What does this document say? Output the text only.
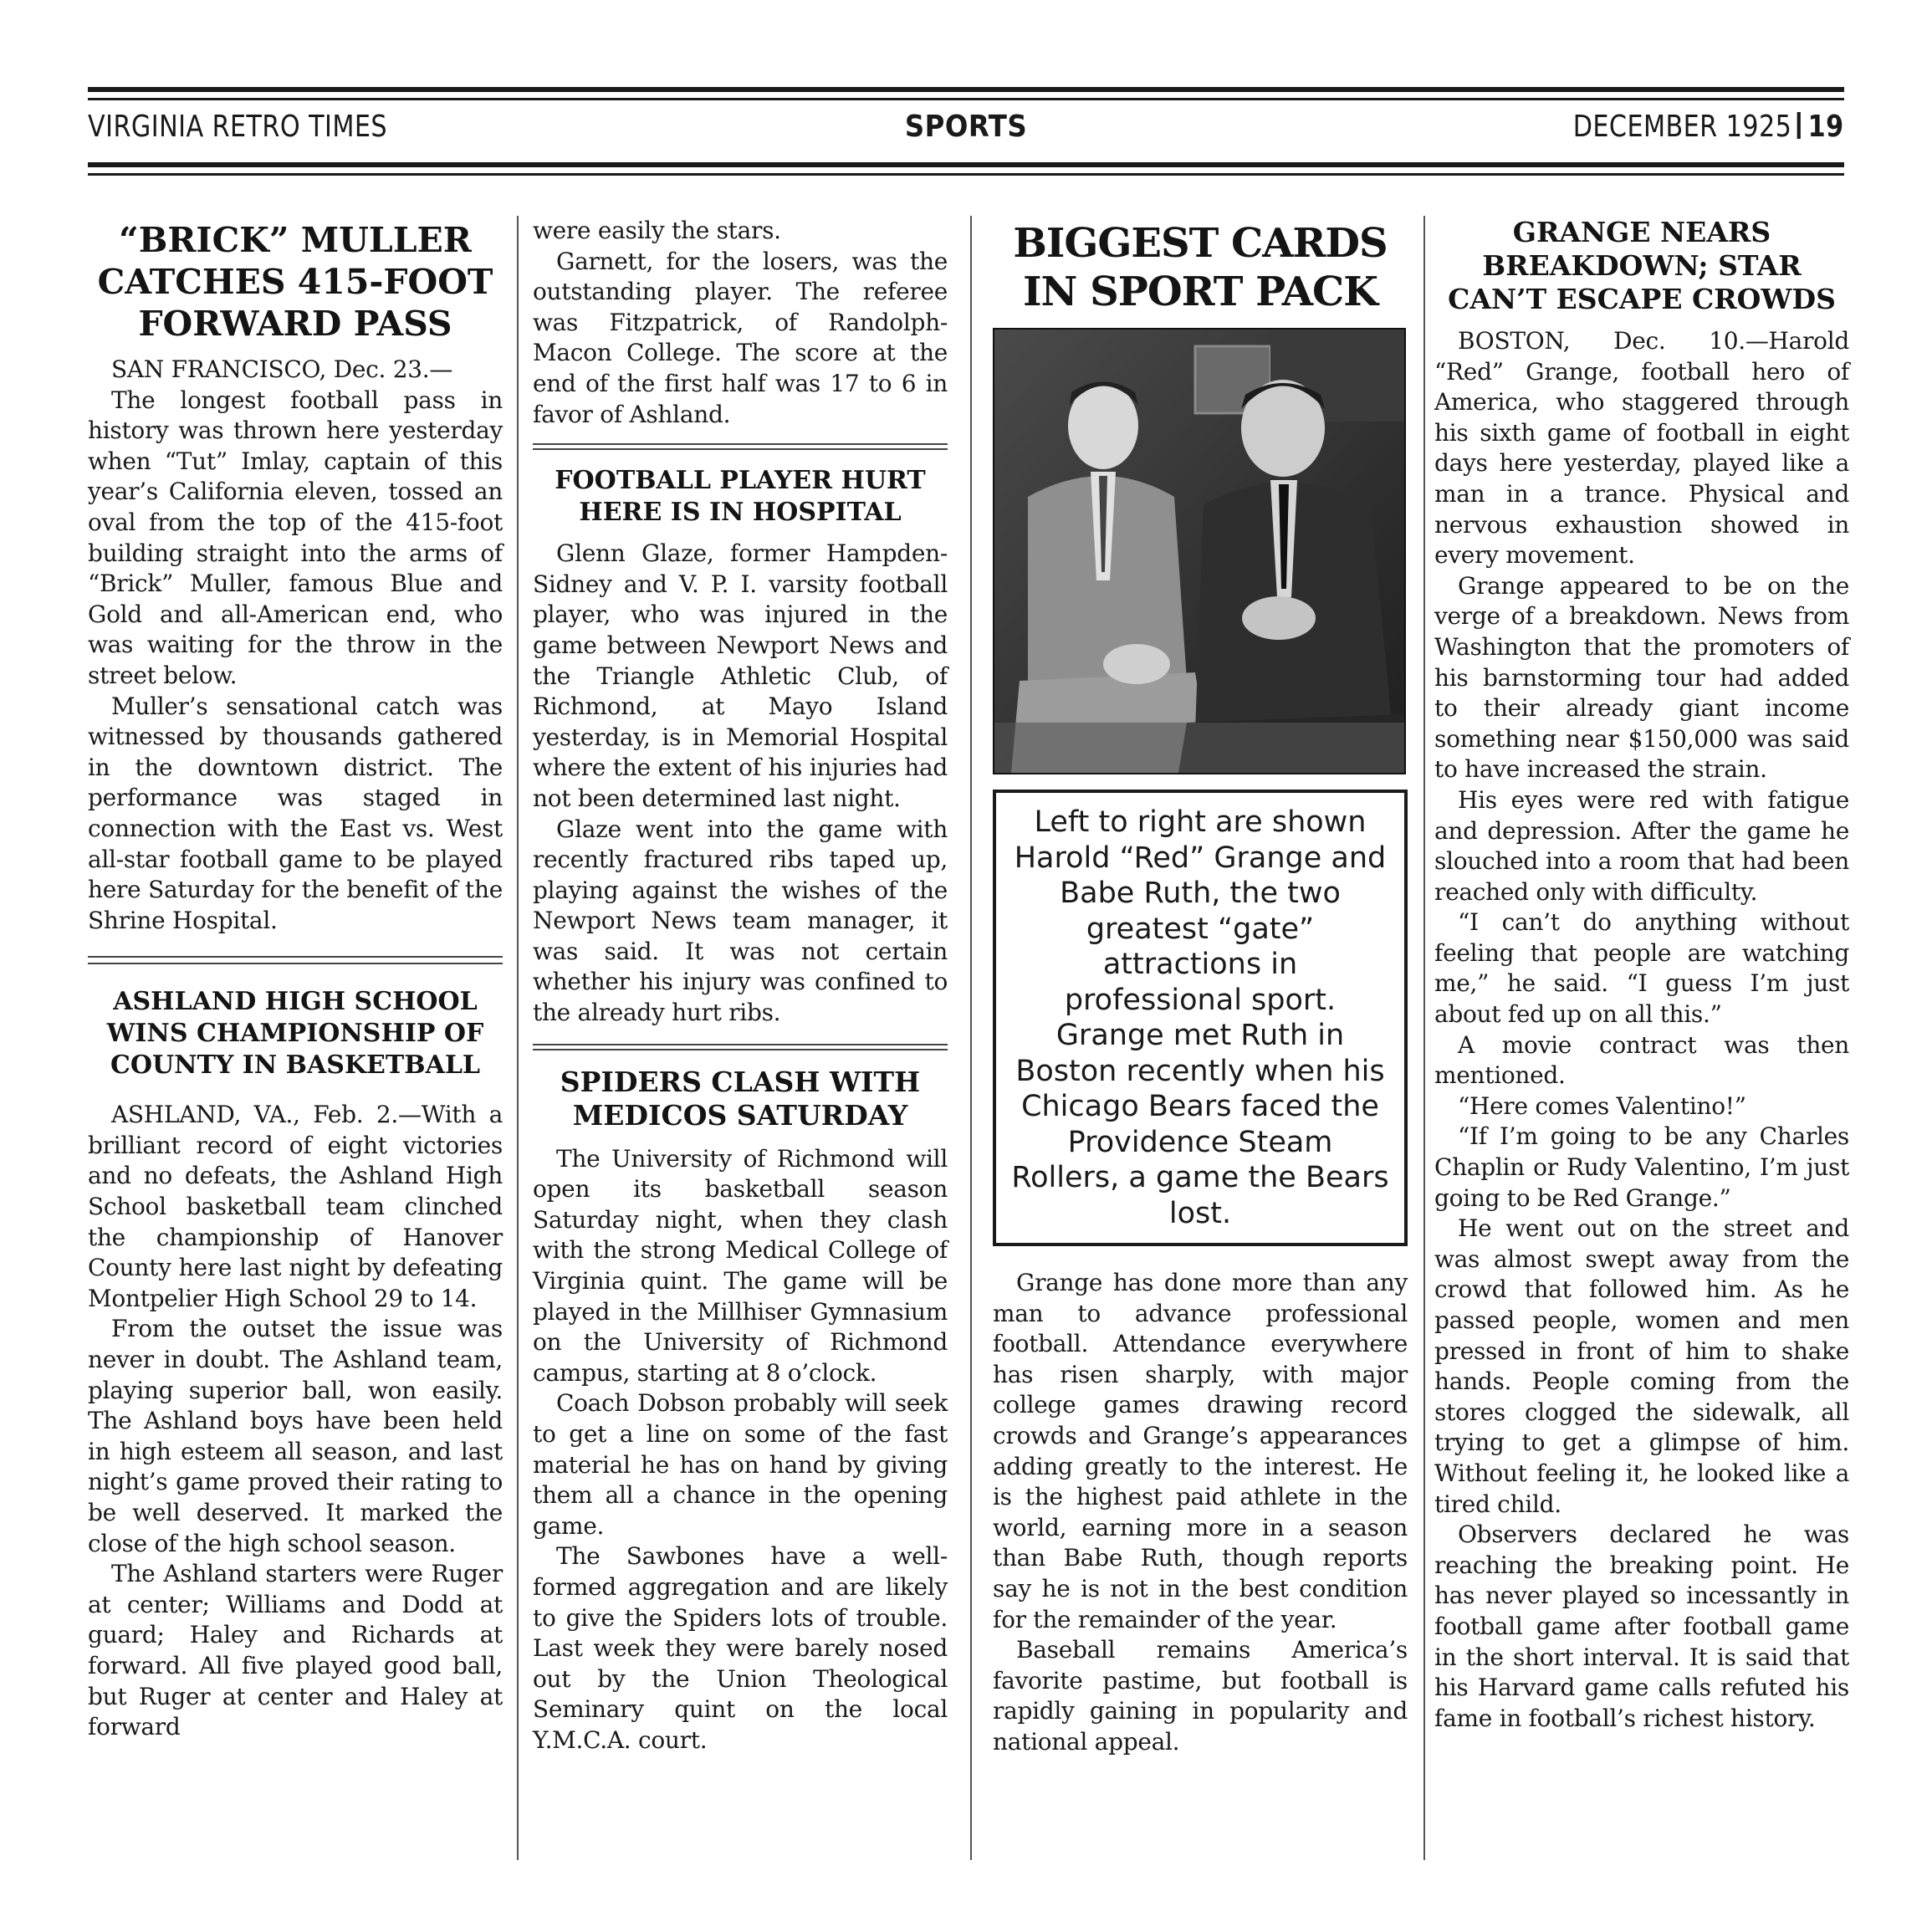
VIRGINIA RETRO TIMES	SPORTS	DECEMBER 1925 19
“BRICK” MULLER CATCHES 415-FOOT FORWARD PASS

SAN FRANCISCO, Dec. 23.—

The longest football pass in history was thrown here yesterday when “Tut” Imlay, captain of this year’s California eleven, tossed an oval from the top of the 415-foot building straight into the arms of “Brick” Muller, famous Blue and Gold and all-American end, who was waiting for the throw in the street below.

Muller’s sensational catch was witnessed by thousands gathered in the downtown district. The performance was staged in connection with the East vs. West all-star football game to be played here Saturday for the benefit of the Shrine Hospital.

ASHLAND HIGH SCHOOL WINS CHAMPIONSHIP OF COUNTY IN BASKETBALL

ASHLAND, VA., Feb. 2.—With a brilliant record of eight victories and no defeats, the Ashland High School basketball team clinched the championship of Hanover County here last night by defeating Montpelier High School 29 to 14.

From the outset the issue was never in doubt. The Ashland team, playing superior ball, won easily. The Ashland boys have been held in high esteem all season, and last night’s game proved their rating to be well deserved. It marked the close of the high school season.

The Ashland starters were Ruger at center; Williams and Dodd at guard; Haley and Richards at forward. All five played good ball, but Ruger at center and Haley at forward

were easily the stars.

Garnett, for the losers, was the outstanding player. The referee was Fitzpatrick, of Randolph-Macon College. The score at the end of the first half was 17 to 6 in favor of Ashland.

FOOTBALL PLAYER HURT HERE IS IN HOSPITAL

Glenn Glaze, former Hampden-Sidney and V. P. I. varsity football player, who was injured in the game between Newport News and the Triangle Athletic Club, of Richmond, at Mayo Island yesterday, is in Memorial Hospital where the extent of his injuries had not been determined last night.

Glaze went into the game with recently fractured ribs taped up, playing against the wishes of the Newport News team manager, it was said. It was not certain whether his injury was confined to the already hurt ribs.

SPIDERS CLASH WITH MEDICOS SATURDAY

The University of Richmond will open its basketball season Saturday night, when they clash with the strong Medical College of Virginia quint. The game will be played in the Millhiser Gymnasium on the University of Richmond campus, starting at 8 o’clock.

Coach Dobson probably will seek to get a line on some of the fast material he has on hand by giving them all a chance in the opening game.

The Sawbones have a well-formed aggregation and are likely to give the Spiders lots of trouble. Last week they were barely nosed out by the Union Theological Seminary quint on the local Y.M.C.A. court.

BIGGEST CARDS IN SPORT PACK
Left to right are shown Harold “Red” Grange and Babe Ruth, the two greatest “gate” attractions in professional sport. Grange met Ruth in Boston recently when his Chicago Bears faced the Providence Steam Rollers, a game the Bears lost.

Grange has done more than any man to advance professional football. Attendance everywhere has risen sharply, with major college games drawing record crowds and Grange’s appearances adding greatly to the interest. He is the highest paid athlete in the world, earning more in a season than Babe Ruth, though reports say he is not in the best condition for the remainder of the year.

Baseball remains America’s favorite pastime, but football is rapidly gaining in popularity and national appeal.

GRANGE NEARS BREAKDOWN; STAR CAN’T ESCAPE CROWDS

BOSTON, Dec. 10.—Harold “Red” Grange, football hero of America, who staggered through his sixth game of football in eight days here yesterday, played like a man in a trance. Physical and nervous exhaustion showed in every movement.

Grange appeared to be on the verge of a breakdown. News from Washington that the promoters of his barnstorming tour had added to their already giant income something near $150,000 was said to have increased the strain.

His eyes were red with fatigue and depression. After the game he slouched into a room that had been reached only with difficulty.

“I can’t do anything without feeling that people are watching me,” he said. “I guess I’m just about fed up on all this.”

A movie contract was then mentioned.

“Here comes Valentino!”

“If I’m going to be any Charles Chaplin or Rudy Valentino, I’m just going to be Red Grange.”

He went out on the street and was almost swept away from the crowd that followed him. As he passed people, women and men pressed in front of him to shake hands. People coming from the stores clogged the sidewalk, all trying to get a glimpse of him. Without feeling it, he looked like a tired child.

Observers declared he was reaching the breaking point. He has never played so incessantly in football game after football game in the short interval. It is said that his Harvard game calls refuted his fame in football’s richest history.
